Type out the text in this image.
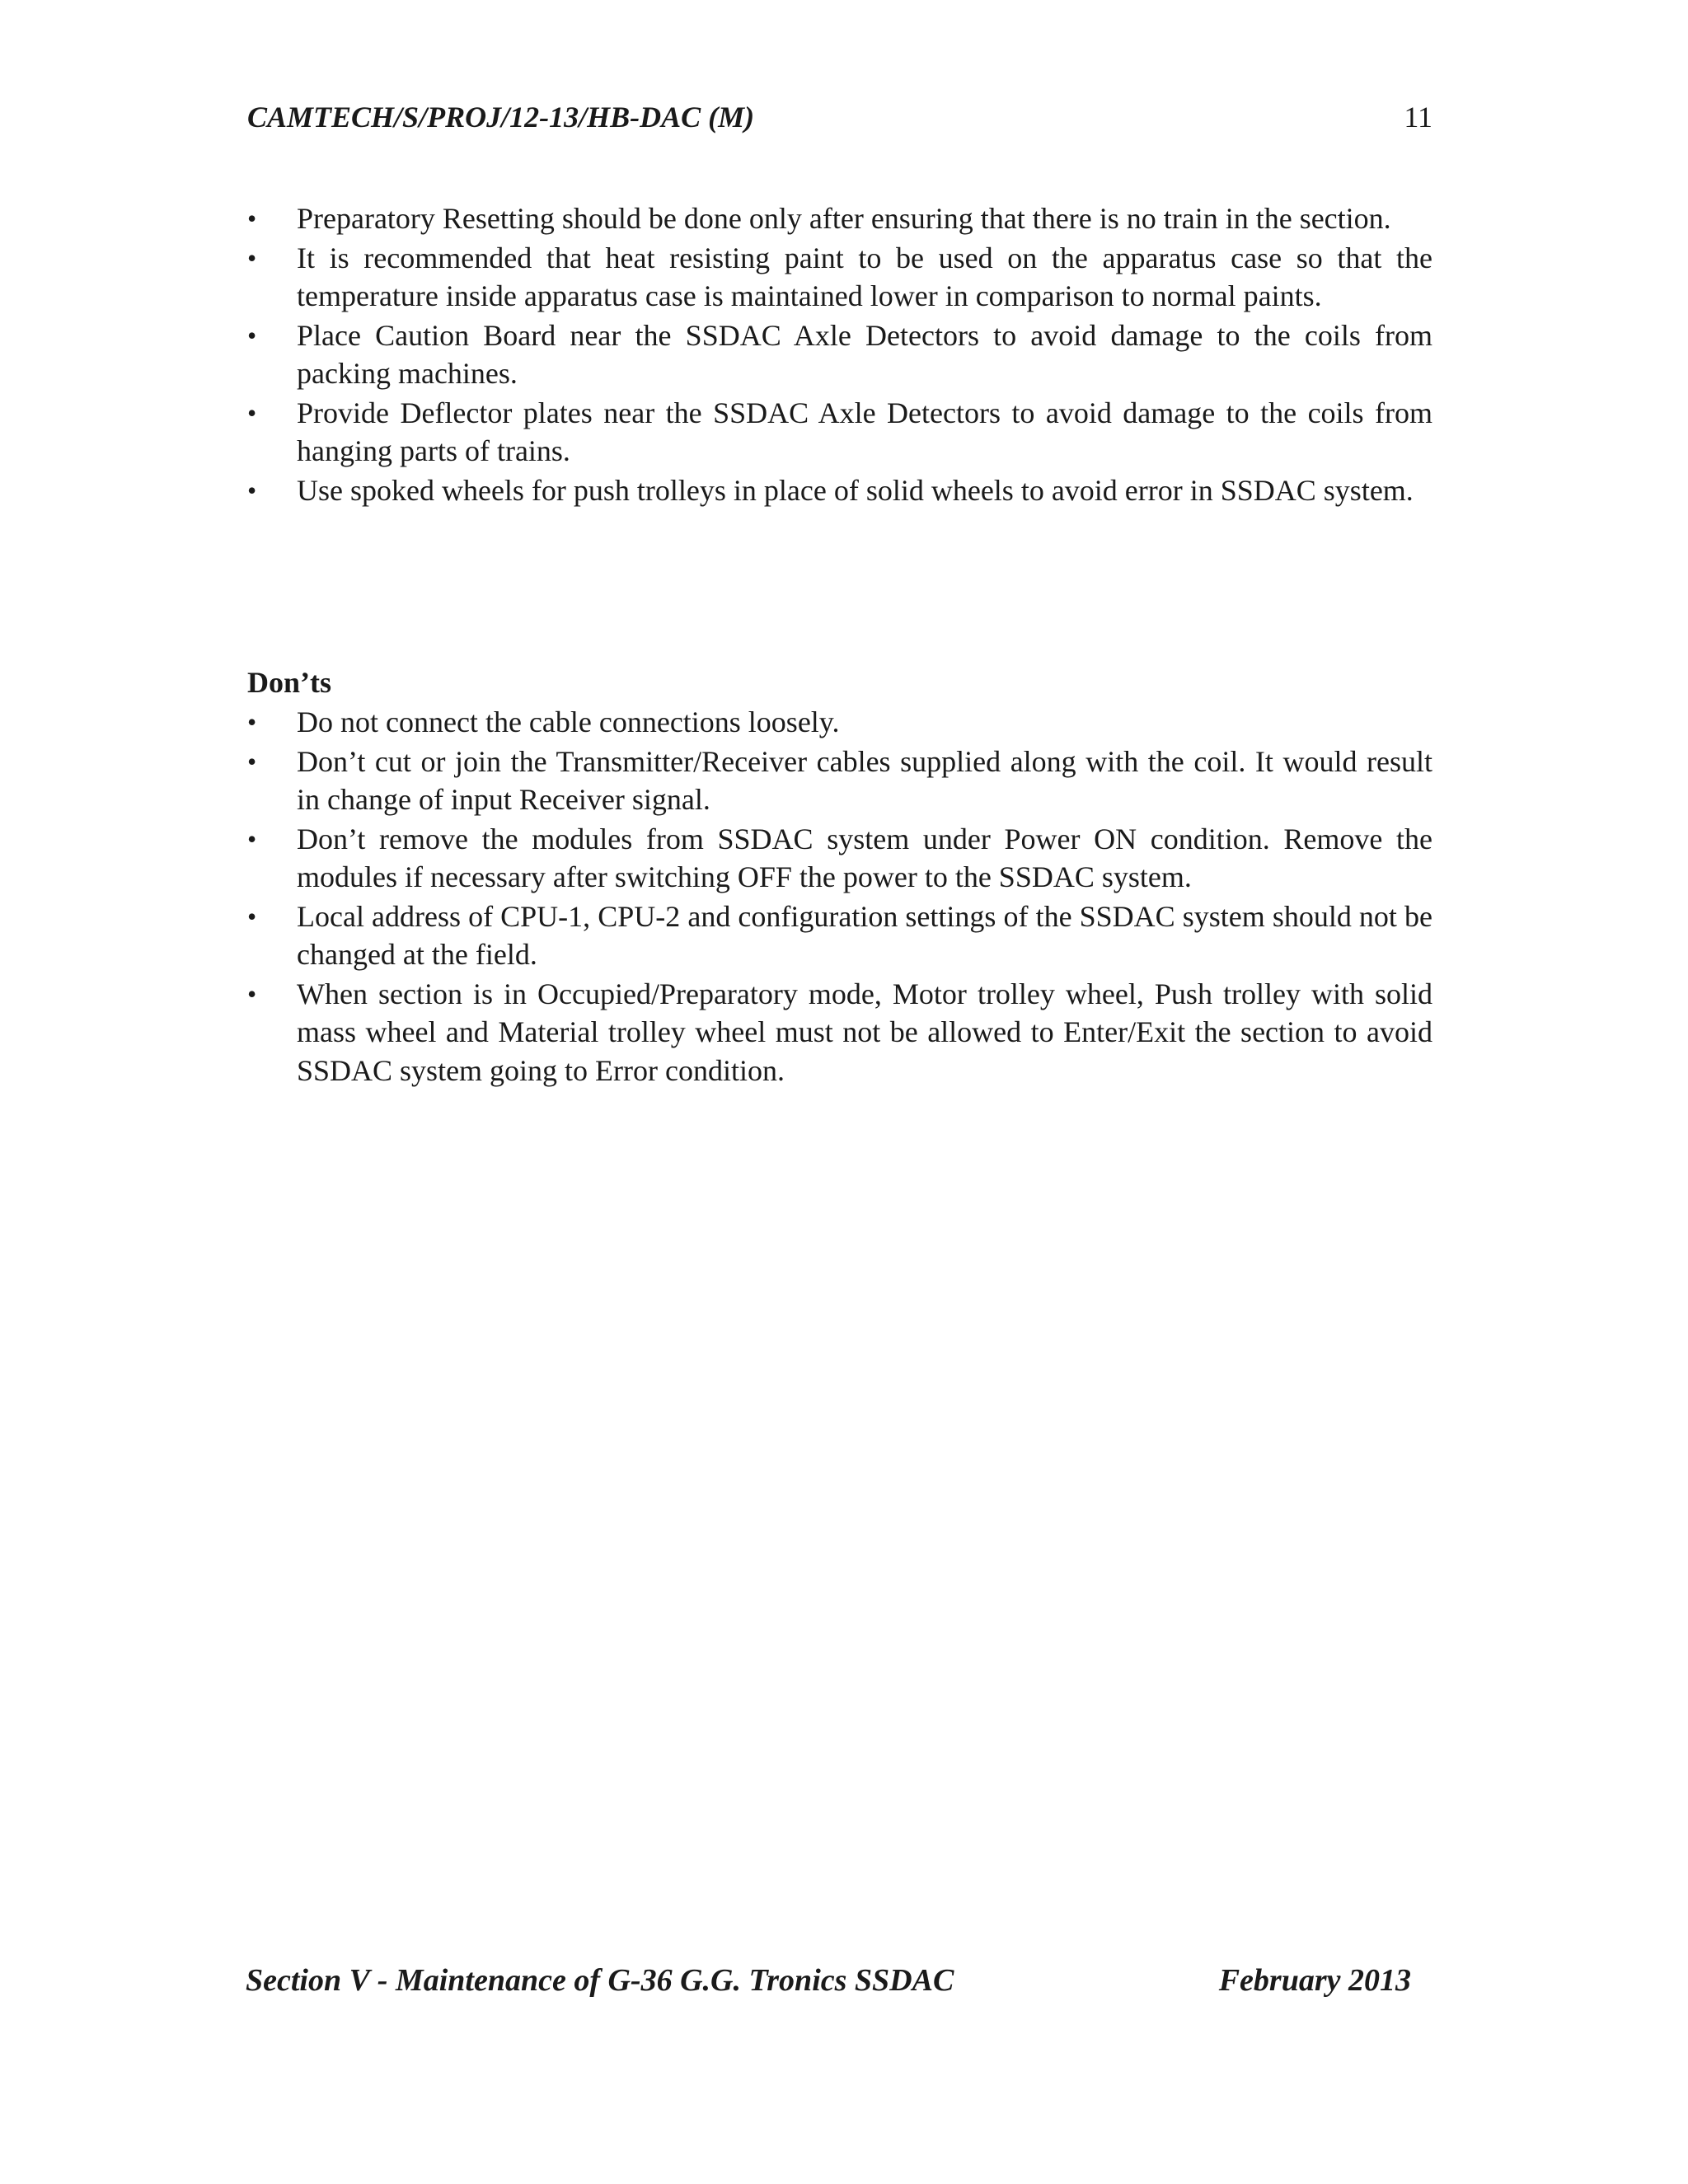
CAMTECH/S/PROJ/12-13/HB-DAC (M)	11
• Preparatory Resetting should be done only after ensuring that there is no train in the section.
• It is recommended that heat resisting paint to be used on the apparatus case so that the temperature inside apparatus case is maintained lower in comparison to normal paints.
• Place Caution Board near the SSDAC Axle Detectors to avoid damage to the coils from packing machines.
• Provide Deflector plates near the SSDAC Axle Detectors to avoid damage to the coils from hanging parts of trains.
• Use spoked wheels for push trolleys in place of solid wheels to avoid error in SSDAC system.
Don’ts
• Do not connect the cable connections loosely.
• Don’t cut or join the Transmitter/Receiver cables supplied along with the coil. It would result in change of input Receiver signal.
• Don’t remove the modules from SSDAC system under Power ON condition. Remove the modules if necessary after switching OFF the power to the SSDAC system.
• Local address of CPU-1, CPU-2 and configuration settings of the SSDAC system should not be changed at the field.
• When section is in Occupied/Preparatory mode, Motor trolley wheel, Push trolley with solid mass wheel and Material trolley wheel must not be allowed to Enter/Exit the section to avoid SSDAC system going to Error condition.
Section V - Maintenance of G-36 G.G. Tronics SSDAC	February 2013
